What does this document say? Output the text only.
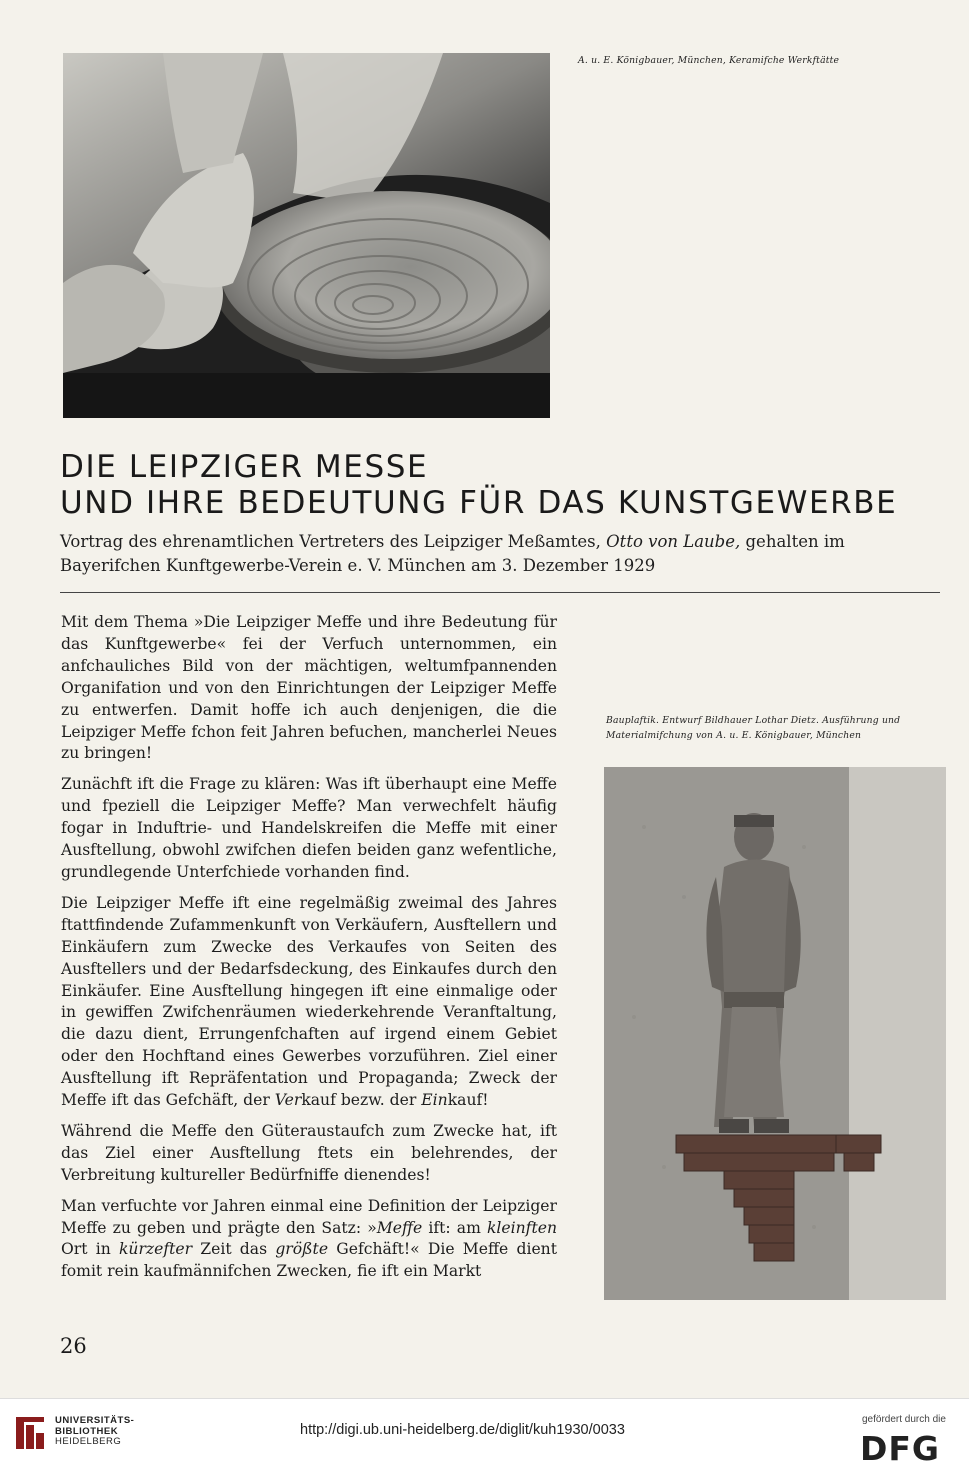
A. u. E. Königbauer, München, Keramifche Werkftätte
DIE LEIPZIGER MESSE
UND IHRE BEDEUTUNG FÜR DAS KUNSTGEWERBE
Vortrag des ehrenamtlichen Vertreters des Leipziger Meßamtes, Otto von Laube, gehalten im Bayerifchen Kunftgewerbe-Verein e. V. München am 3. Dezember 1929

Mit dem Thema »Die Leipziger Meffe und ihre Bedeutung für das Kunftgewerbe« fei der Verfuch unternommen, ein anfchauliches Bild von der mächtigen, weltumfpannenden Organifation und von den Einrichtungen der Leipziger Meffe zu entwerfen. Damit hoffe ich auch denjenigen, die die Leipziger Meffe fchon feit Jahren befuchen, mancherlei Neues zu bringen!

Zunächft ift die Frage zu klären: Was ift überhaupt eine Meffe und fpeziell die Leipziger Meffe? Man verwechfelt häufig fogar in Induftrie- und Handelskreifen die Meffe mit einer Ausftellung, obwohl zwifchen diefen beiden ganz wefentliche, grundlegende Unterfchiede vorhanden find.

Die Leipziger Meffe ift eine regelmäßig zweimal des Jahres ftattfindende Zufammenkunft von Verkäufern, Ausftellern und Einkäufern zum Zwecke des Verkaufes von Seiten des Ausftellers und der Bedarfsdeckung, des Einkaufes durch den Einkäufer. Eine Ausftellung hingegen ift eine einmalige oder in gewiffen Zwifchenräumen wiederkehrende Veranftaltung, die dazu dient, Errungenfchaften auf irgend einem Gebiet oder den Hochftand eines Gewerbes vorzuführen. Ziel einer Ausftellung ift Repräfentation und Propaganda; Zweck der Meffe ift das Gefchäft, der Verkauf bezw. der Einkauf!

Während die Meffe den Güteraustaufch zum Zwecke hat, ift das Ziel einer Ausftellung ftets ein belehrendes, der Verbreitung kultureller Bedürfniffe dienendes!

Man verfuchte vor Jahren einmal eine Definition der Leipziger Meffe zu geben und prägte den Satz: »Meffe ift: am kleinften Ort in kürzefter Zeit das größte Gefchäft!« Die Meffe dient fomit rein kaufmännifchen Zwecken, fie ift ein Markt

Bauplaftik. Entwurf Bildhauer Lothar Dietz. Ausführung und
Materialmifchung von A. u. E. Königbauer, München
26
UNIVERSITÄTS-
BIBLIOTHEK
HEIDELBERG
http://digi.ub.uni-heidelberg.de/diglit/kuh1930/0033
gefördert durch die
DFG
